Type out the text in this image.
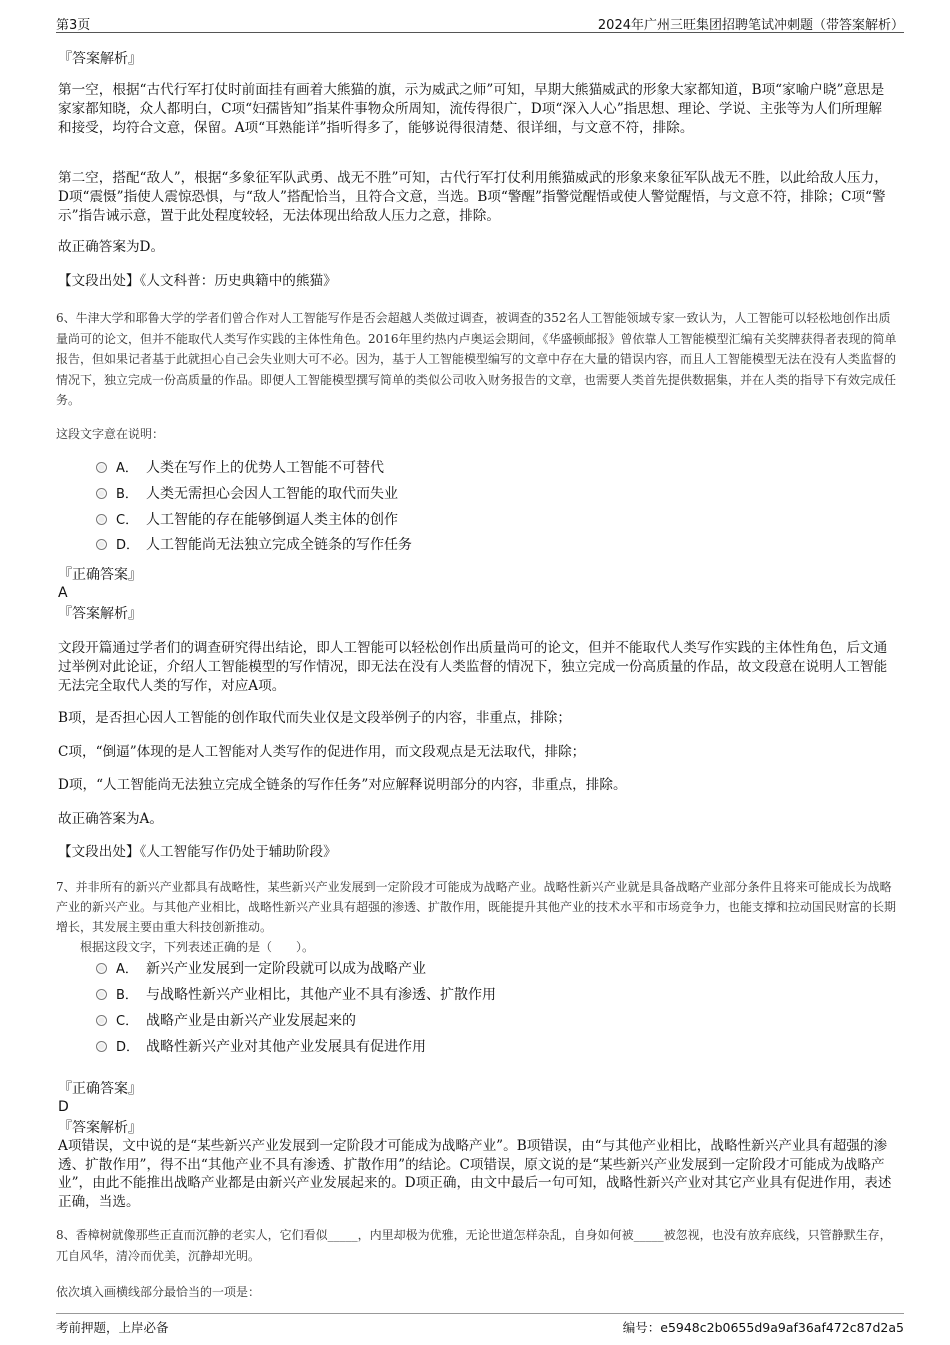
第3页	2024年广州三旺集团招聘笔试冲刺题（带答案解析）
『答案解析』
第一空，根据“古代行军打仗时前面挂有画着大熊猫的旗，示为威武之师”可知，早期大熊猫威武的形象大家都知道，B项“家喻户晓”意思是家家都知晓，众人都明白，C项“妇孺皆知”指某件事物众所周知，流传得很广，D项“深入人心”指思想、理论、学说、主张等为人们所理解和接受，均符合文意，保留。A项“耳熟能详”指听得多了，能够说得很清楚、很详细，与文意不符，排除。
第二空，搭配“敌人”，根据“多象征军队武勇、战无不胜”可知，古代行军打仗利用熊猫威武的形象来象征军队战无不胜，以此给敌人压力，D项“震慑”指使人震惊恐惧，与“敌人”搭配恰当，且符合文意，当选。B项“警醒”指警觉醒悟或使人警觉醒悟，与文意不符，排除；C项“警示”指告诫示意，置于此处程度较轻，无法体现出给敌人压力之意，排除。
故正确答案为D。
【文段出处】《人文科普：历史典籍中的熊猫》
6、牛津大学和耶鲁大学的学者们曾合作对人工智能写作是否会超越人类做过调查，被调查的352名人工智能领域专家一致认为，人工智能可以轻松地创作出质量尚可的论文，但并不能取代人类写作实践的主体性角色。2016年里约热内卢奥运会期间，《华盛顿邮报》曾依靠人工智能模型汇编有关奖牌获得者表现的简单报告，但如果记者基于此就担心自己会失业则大可不必。因为，基于人工智能模型编写的文章中存在大量的错误内容，而且人工智能模型无法在没有人类监督的情况下，独立完成一份高质量的作品。即便人工智能模型撰写简单的类似公司收入财务报告的文章，也需要人类首先提供数据集，并在人类的指导下有效完成任务。
这段文字意在说明：
A． 人类在写作上的优势人工智能不可替代
B． 人类无需担心会因人工智能的取代而失业
C． 人工智能的存在能够倒逼人类主体的创作
D． 人工智能尚无法独立完成全链条的写作任务
『正确答案』
A
『答案解析』
文段开篇通过学者们的调查研究得出结论，即人工智能可以轻松创作出质量尚可的论文，但并不能取代人类写作实践的主体性角色，后文通过举例对此论证，介绍人工智能模型的写作情况，即无法在没有人类监督的情况下，独立完成一份高质量的作品，故文段意在说明人工智能无法完全取代人类的写作，对应A项。
B项，是否担心因人工智能的创作取代而失业仅是文段举例子的内容，非重点，排除；
C项，“倒逼”体现的是人工智能对人类写作的促进作用，而文段观点是无法取代，排除；
D项，“人工智能尚无法独立完成全链条的写作任务”对应解释说明部分的内容，非重点，排除。
故正确答案为A。
【文段出处】《人工智能写作仍处于辅助阶段》
7、并非所有的新兴产业都具有战略性，某些新兴产业发展到一定阶段才可能成为战略产业。战略性新兴产业就是具备战略产业部分条件且将来可能成长为战略产业的新兴产业。与其他产业相比，战略性新兴产业具有超强的渗透、扩散作用，既能提升其他产业的技术水平和市场竞争力，也能支撑和拉动国民财富的长期增长，其发展主要由重大科技创新推动。
根据这段文字，下列表述正确的是（　　）。
A． 新兴产业发展到一定阶段就可以成为战略产业
B． 与战略性新兴产业相比，其他产业不具有渗透、扩散作用
C． 战略产业是由新兴产业发展起来的
D． 战略性新兴产业对其他产业发展具有促进作用
『正确答案』
D
『答案解析』
A项错误，文中说的是“某些新兴产业发展到一定阶段才可能成为战略产业”。B项错误，由“与其他产业相比，战略性新兴产业具有超强的渗透、扩散作用”，得不出“其他产业不具有渗透、扩散作用”的结论。C项错误，原文说的是“某些新兴产业发展到一定阶段才可能成为战略产业”，由此不能推出战略产业都是由新兴产业发展起来的。D项正确，由文中最后一句可知，战略性新兴产业对其它产业具有促进作用，表述正确，当选。
8、香樟树就像那些正直而沉静的老实人，它们看似_____，内里却极为优雅，无论世道怎样杂乱，自身如何被_____被忽视，也没有放弃底线，只管静默生存，兀自风华，清冷而优美，沉静却光明。
依次填入画横线部分最恰当的一项是：
考前押题，上岸必备	编号：e5948c2b0655d9a9af36af472c87d2a5
